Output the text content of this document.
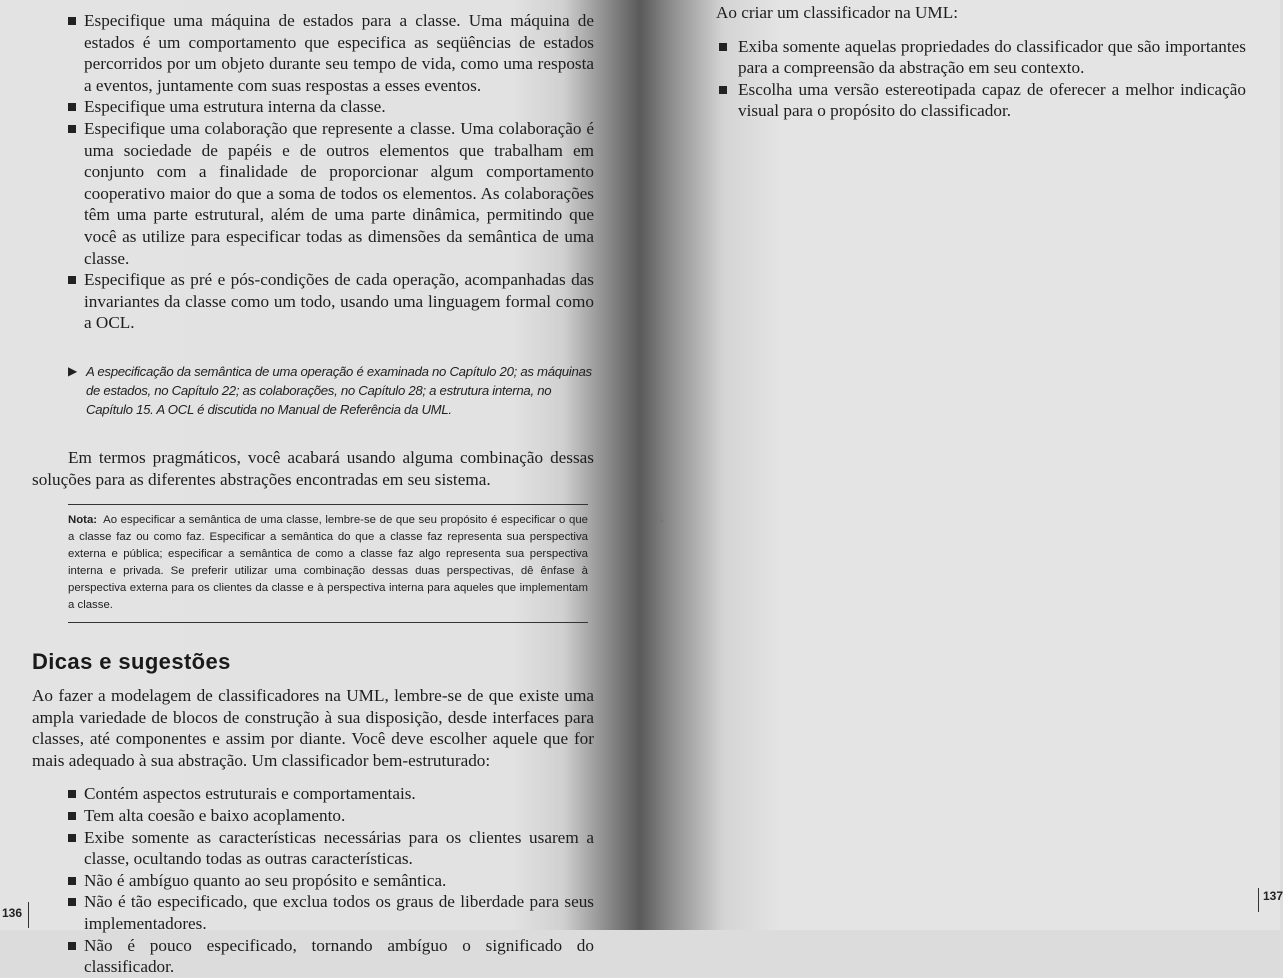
Especifique uma máquina de estados para a classe. Uma máquina de estados é um comportamento que especifica as seqüências de estados percorridos por um objeto durante seu tempo de vida, como uma resposta a eventos, juntamente com suas respostas a esses eventos.
Especifique uma estrutura interna da classe.
Especifique uma colaboração que represente a classe. Uma colaboração é uma sociedade de papéis e de outros elementos que trabalham em conjunto com a finalidade de proporcionar algum comportamento cooperativo maior do que a soma de todos os elementos. As colaborações têm uma parte estrutural, além de uma parte dinâmica, permitindo que você as utilize para especificar todas as dimensões da semântica de uma classe.
Especifique as pré e pós-condições de cada operação, acompanhadas das invariantes da classe como um todo, usando uma linguagem formal como a OCL.
▶ A especificação da semântica de uma operação é examinada no Capítulo 20; as máquinas de estados, no Capítulo 22; as colaborações, no Capítulo 28; a estrutura interna, no Capítulo 15. A OCL é discutida no Manual de Referência da UML.

Em termos pragmáticos, você acabará usando alguma combinação dessas soluções para as diferentes abstrações encontradas em seu sistema.

Nota: Ao especificar a semântica de uma classe, lembre-se de que seu propósito é especificar o que a classe faz ou como faz. Especificar a semântica do que a classe faz representa sua perspectiva externa e pública; especificar a semântica de como a classe faz algo representa sua perspectiva interna e privada. Se preferir utilizar uma combinação dessas duas perspectivas, dê ênfase à perspectiva externa para os clientes da classe e à perspectiva interna para aqueles que implementam a classe.
Dicas e sugestões

Ao fazer a modelagem de classificadores na UML, lembre-se de que existe uma ampla variedade de blocos de construção à sua disposição, desde interfaces para classes, até componentes e assim por diante. Você deve escolher aquele que for mais adequado à sua abstração. Um classificador bem-estruturado:

Contém aspectos estruturais e comportamentais.
Tem alta coesão e baixo acoplamento.
Exibe somente as características necessárias para os clientes usarem a classe, ocultando todas as outras características.
Não é ambíguo quanto ao seu propósito e semântica.
Não é tão especificado, que exclua todos os graus de liberdade para seus implementadores.
Não é pouco especificado, tornando ambíguo o significado do classificador.
136

Ao criar um classificador na UML:

Exiba somente aquelas propriedades do classificador que são importantes para a compreensão da abstração em seu contexto.
Escolha uma versão estereotipada capaz de oferecer a melhor indicação visual para o propósito do classificador.
▸
137
